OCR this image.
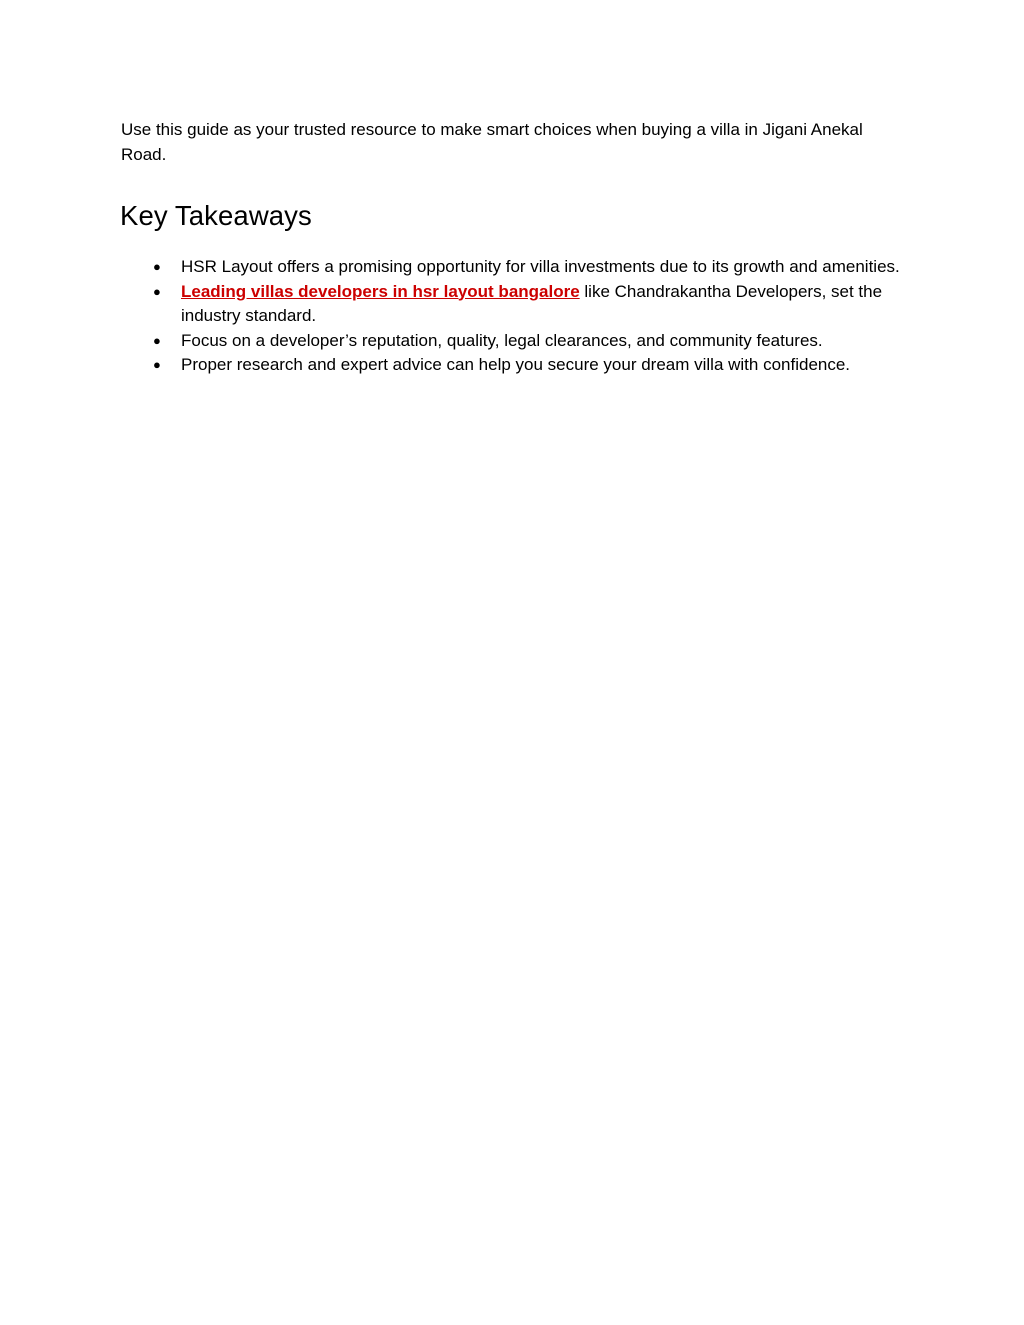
Use this guide as your trusted resource to make smart choices when buying a villa in Jigani Anekal Road.

Key Takeaways
● HSR Layout offers a promising opportunity for villa investments due to its growth and amenities.
● Leading villas developers in hsr layout bangalore like Chandrakantha Developers, set the industry standard.
● Focus on a developer’s reputation, quality, legal clearances, and community features.
● Proper research and expert advice can help you secure your dream villa with confidence.
